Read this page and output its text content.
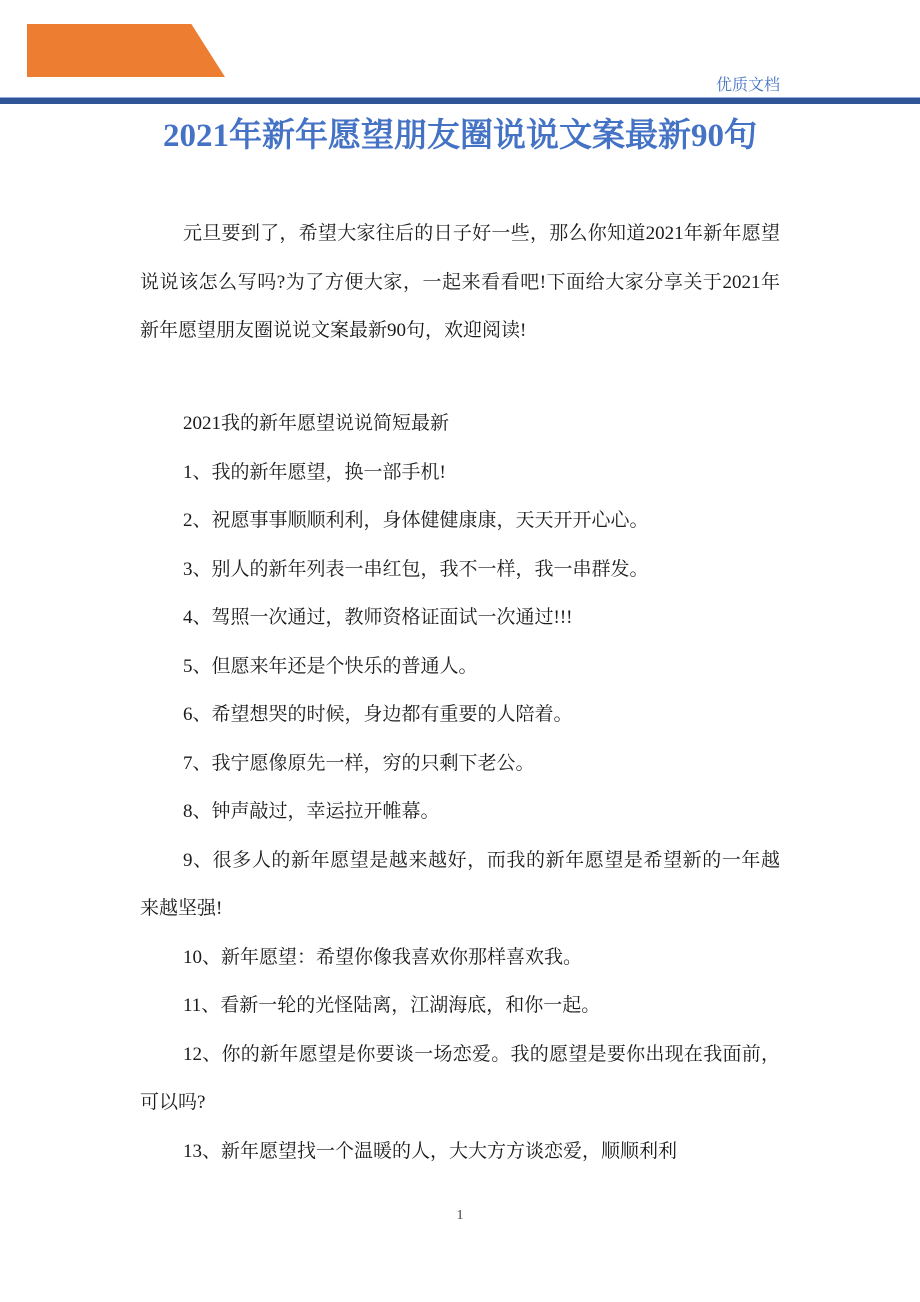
优质文档
2021年新年愿望朋友圈说说文案最新90句

元旦要到了，希望大家往后的日子好一些，那么你知道2021年新年愿望说说该怎么写吗?为了方便大家，一起来看看吧!下面给大家分享关于2021年新年愿望朋友圈说说文案最新90句，欢迎阅读!

2021我的新年愿望说说简短最新

1、我的新年愿望，换一部手机!

2、祝愿事事顺顺利利，身体健健康康，天天开开心心。

3、别人的新年列表一串红包，我不一样，我一串群发。

4、驾照一次通过，教师资格证面试一次通过!!!

5、但愿来年还是个快乐的普通人。

6、希望想哭的时候，身边都有重要的人陪着。

7、我宁愿像原先一样，穷的只剩下老公。

8、钟声敲过，幸运拉开帷幕。

9、很多人的新年愿望是越来越好，而我的新年愿望是希望新的一年越来越坚强!

10、新年愿望：希望你像我喜欢你那样喜欢我。

11、看新一轮的光怪陆离，江湖海底，和你一起。

12、你的新年愿望是你要谈一场恋爱。我的愿望是要你出现在我面前，可以吗?

13、新年愿望找一个温暖的人，大大方方谈恋爱，顺顺利利

1
